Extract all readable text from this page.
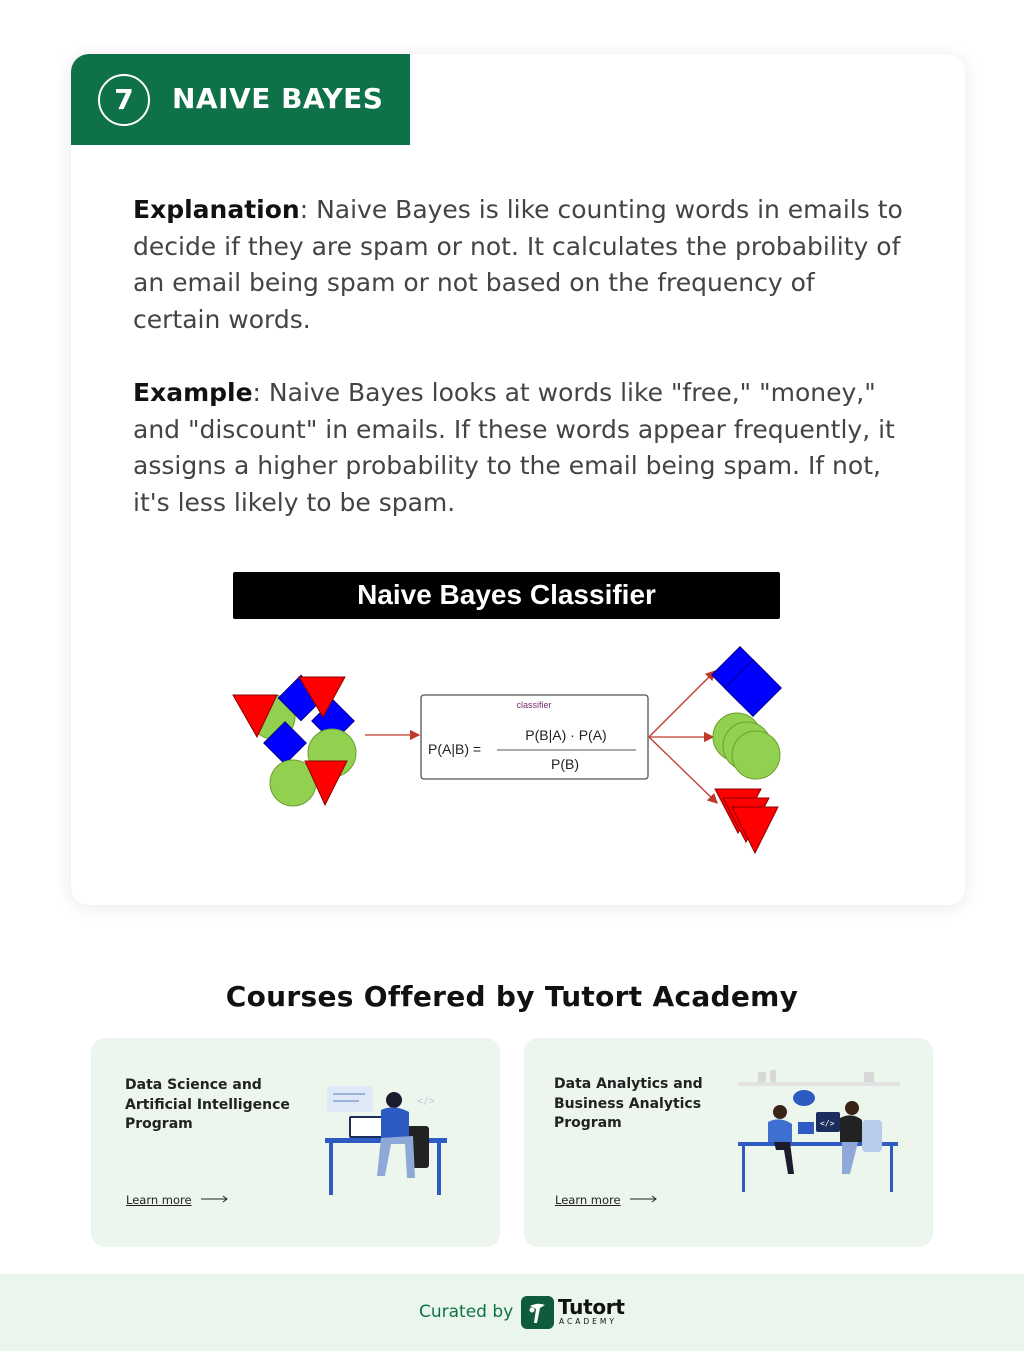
7	NAIVE BAYES

Explanation: Naive Bayes is like counting words in emails to decide if they are spam or not. It calculates the probability of an email being spam or not based on the frequency of certain words.

Example: Naive Bayes looks at words like "free," "money," and "discount" in emails. If these words appear frequently, it assigns a higher probability to the email being spam. If not, it's less likely to be spam.

Naive Bayes Classifier
classifier
P(A|B) =
P(B|A) · P(A)
P(B)
Courses Offered by Tutort Academy
Data Science and Artificial Intelligence Program
Learn more
</>
Data Analytics and Business Analytics Program
Learn more
</>
Curated by Tutort
ACADEMY
